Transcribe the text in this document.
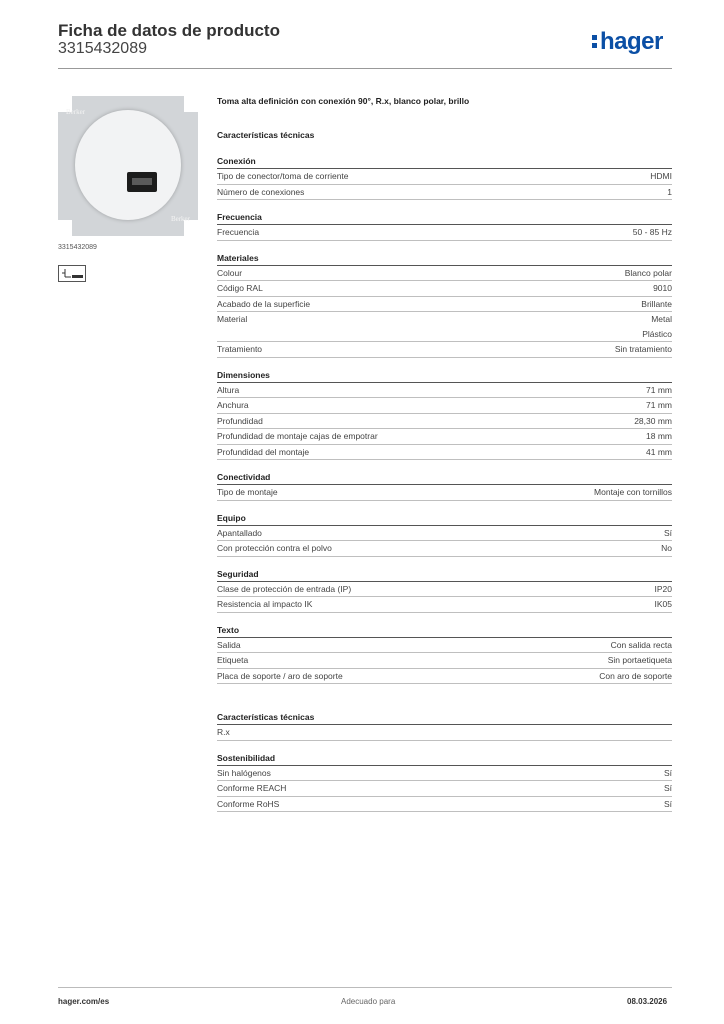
Ficha de datos de producto
3315432089	hager
Berker
Berker
3315432089
Toma alta definición con conexión 90°, R.x, blanco polar, brillo
Características técnicas
Conexión
Tipo de conector/toma de corriente	HDMI
Número de conexiones	1
Frecuencia
Frecuencia	50 - 85 Hz
Materiales
Colour	Blanco polar
Código RAL	9010
Acabado de la superficie	Brillante
Material	Metal
Plástico
Tratamiento	Sin tratamiento
Dimensiones
Altura	71 mm
Anchura	71 mm
Profundidad	28,30 mm
Profundidad de montaje cajas de empotrar	18 mm
Profundidad del montaje	41 mm
Conectividad
Tipo de montaje	Montaje con tornillos
Equipo
Apantallado	Sí
Con protección contra el polvo	No
Seguridad
Clase de protección de entrada (IP)	IP20
Resistencia al impacto IK	IK05
Texto
Salida	Con salida recta
Etiqueta	Sin portaetiqueta
Placa de soporte / aro de soporte	Con aro de soporte
Características técnicas
R.x
Sostenibilidad
Sin halógenos	Sí
Conforme REACH	Sí
Conforme RoHS	Sí
hager.com/es	Adecuado para	08.03.2026
